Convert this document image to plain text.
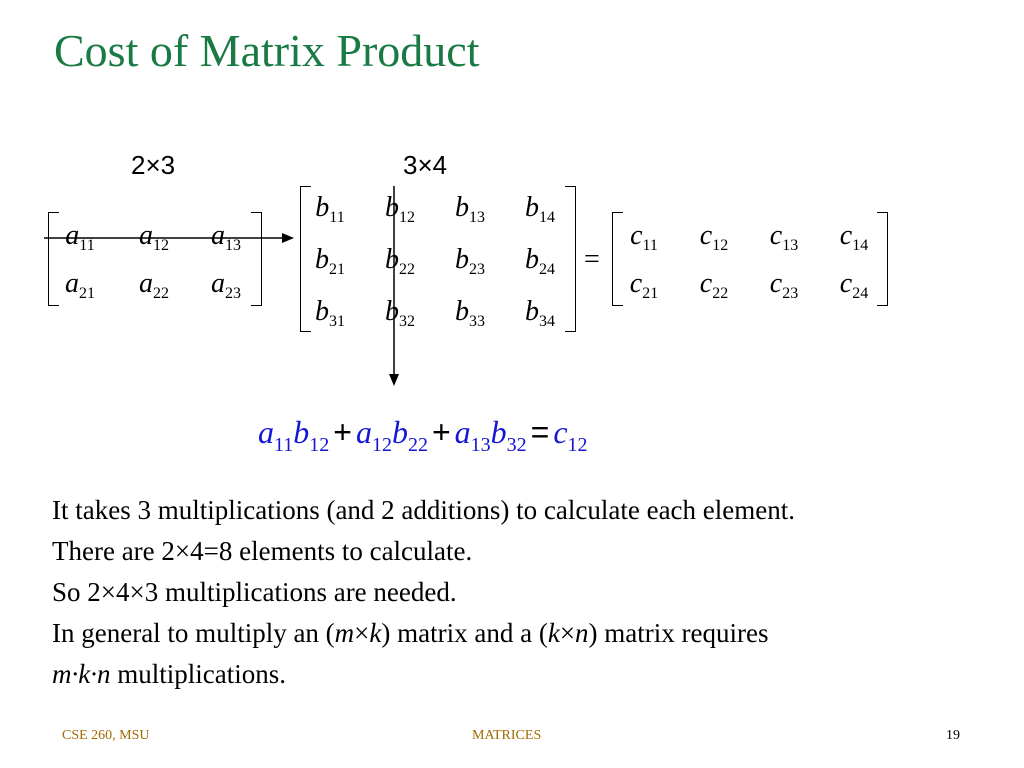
Cost of Matrix Product
2×3	3×4
$a_{11}$ $a_{12}$ $a_{13}$
$a_{21}$ $a_{22}$ $a_{23}$
$b_{11}$ $b_{12}$ $b_{13}$ $b_{14}$
$b_{21}$ $b_{22}$ $b_{23}$ $b_{24}$
$b_{31}$ $b_{32}$ $b_{33}$ $b_{34}$
=
$c_{11}$ $c_{12}$ $c_{13}$ $c_{14}$
$c_{21}$ $c_{22}$ $c_{23}$ $c_{24}$
$a_{11}b_{12} + a_{12}b_{22} + a_{13}b_{32} = c_{12}$
It takes 3 multiplications (and 2 additions) to calculate each element.
There are 2×4=8 elements to calculate.
So 2×4×3 multiplications are needed.
In general to multiply an (m×k) matrix and a (k×n) matrix requires
m·k·n multiplications.
CSE 260, MSU	MATRICES	19
